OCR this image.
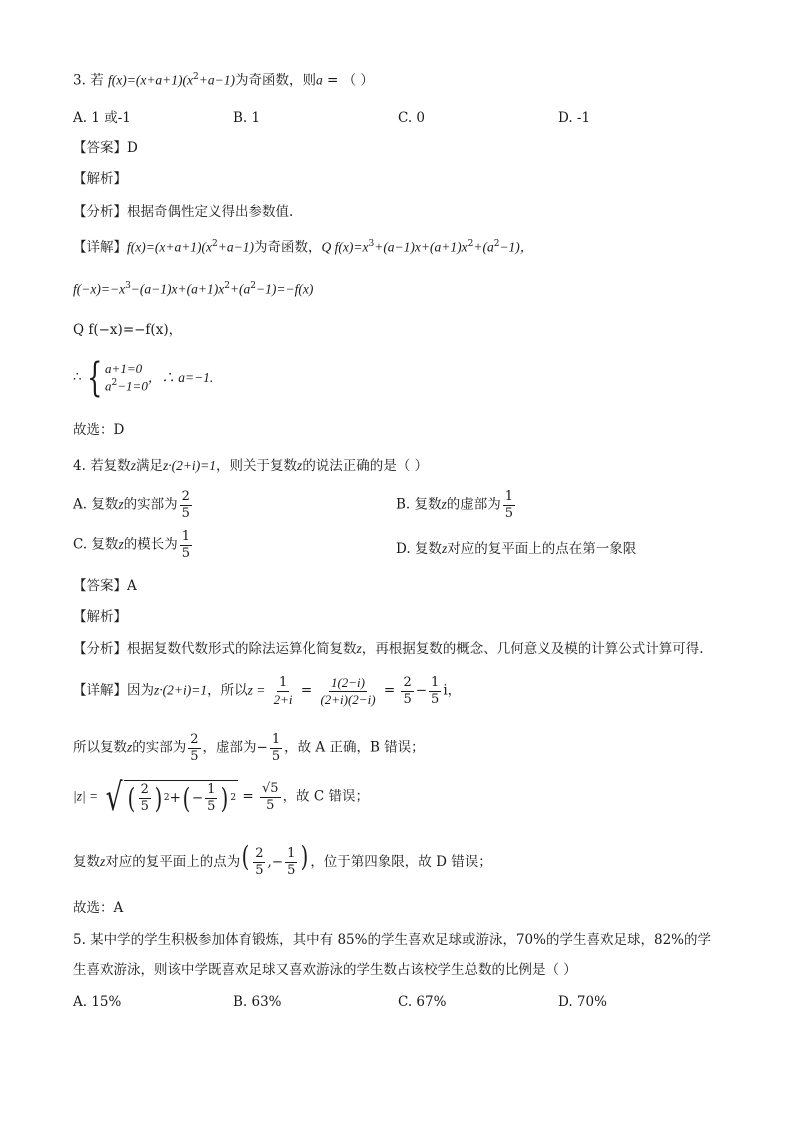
3. 若 $f(x)=(x+a+1)(x^2+a-1)$为奇函数，则a = （ ）
A. 1 或-1	B. 1	C. 0	D. -1
【答案】D
【解析】
【分析】根据奇偶性定义得出参数值.
【详解】$f(x)=(x+a+1)(x^2+a-1)$为奇函数，Q $f(x)=x^3+(a-1)x+(a+1)x^2+(a^2-1)$，
$f(-x)=-x^3-(a-1)x+(a+1)x^2+(a^2-1)=-f(x)$
Q f(−x)=−f(x)，
∴ { a+1=0
$a^2-1=0$
，∴ a=−1.
故选：D
4. 若复数z满足z·(2+i)=1，则关于复数z的说法正确的是（ ）
A. 复数z的实部为 $\frac{2}{5}$	B. 复数z的虚部为 $\frac{1}{5}$
C. 复数z的模长为 $\frac{1}{5}$	D. 复数z对应的复平面上的点在第一象限
【答案】A
【解析】
【分析】根据复数代数形式的除法运算化简复数z，再根据复数的概念、几何意义及模的计算公式计算可得.
【详解】因为z·(2+i)=1，所以$z = \frac{1}{2+i} = \frac{1(2-i)}{(2+i)(2-i)} = \frac{2}{5} - \frac{1}{5}$ i，
所以复数z的实部为 $\frac{2}{5}$ ，虚部为− $\frac{1}{5}$ ，故 A 正确，B 错误；
|z| = √ ( $\frac{2}{5}$ ) 2 + ( − $\frac{1}{5}$ ) $2 = \frac{√5}{5}$ ，故 C 错误；
复数z对应的复平面上的点为( $\frac{2}{5}$ ,− $\frac{1}{5}$ ) ，位于第四象限，故 D 错误；
故选：A
5. 某中学的学生积极参加体育锻炼，其中有 85%的学生喜欢足球或游泳，70%的学生喜欢足球，82%的学
生喜欢游泳，则该中学既喜欢足球又喜欢游泳的学生数占该校学生总数的比例是（ ）
A. 15%	B. 63%	C. 67%	D. 70%
